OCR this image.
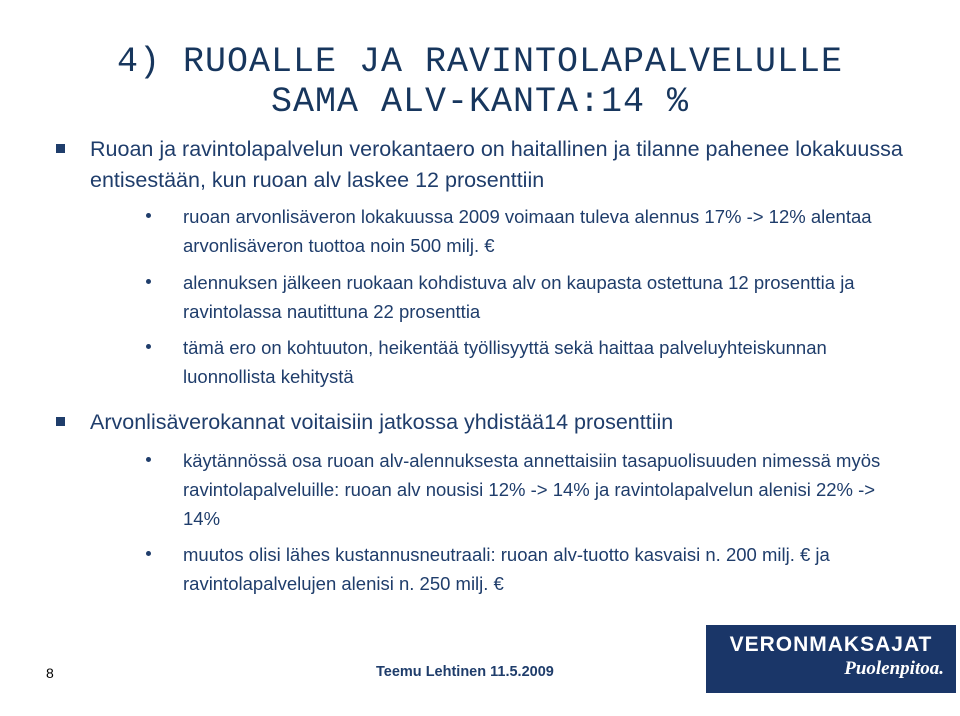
4) RUOALLE JA RAVINTOLAPALVELULLE
SAMA ALV-KANTA:14 %
Ruoan ja ravintolapalvelun verokantaero on haitallinen ja tilanne pahenee lokakuussa entisestään, kun ruoan alv laskee 12 prosenttiin
ruoan arvonlisäveron lokakuussa 2009 voimaan tuleva alennus 17% -> 12% alentaa arvonlisäveron tuottoa noin 500 milj. €
alennuksen jälkeen ruokaan kohdistuva alv on kaupasta ostettuna 12 prosenttia ja ravintolassa nautittuna 22 prosenttia
tämä ero on kohtuuton, heikentää työllisyyttä sekä haittaa palveluyhteiskunnan luonnollista kehitystä
Arvonlisäverokannat voitaisiin jatkossa yhdistää14 prosenttiin
käytännössä osa ruoan alv-alennuksesta annettaisiin tasapuolisuuden nimessä myös ravintolapalveluille: ruoan alv nousisi 12% -> 14% ja ravintolapalvelun alenisi 22% -> 14%
muutos olisi lähes kustannusneutraali: ruoan alv-tuotto kasvaisi n. 200 milj. € ja ravintolapalvelujen alenisi n. 250 milj. €
8	Teemu Lehtinen 11.5.2009
VERONMAKSAJAT
Puolenpitoa.
